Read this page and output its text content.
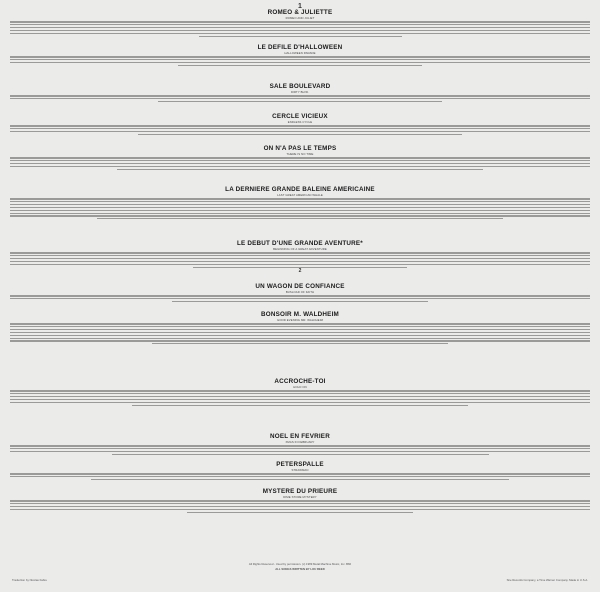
1
ROMEO & JULIETTE
ROMEO AND JULIET
LE DEFILE D'HALLOWEEN
HALLOWEEN PARADE
SALE BOULEVARD
DIRTY BLVD.
CERCLE VICIEUX
ENDLESS CYCLE
ON N'A PAS LE TEMPS
THERE IS NO TIME
LA DERNIERE GRANDE BALEINE AMERICAINE
LAST GREAT AMERICAN WHALE
LE DEBUT D'UNE GRANDE AVENTURE*
BEGINNING OF A GREAT ADVENTURE
UN WAGON DE CONFIANCE
BUSLOAD OF FAITH
BONSOIR M. WALDHEIM
GOOD EVENING MR. WALDHEIM
ACCROCHE-TOI
HOLD ON
NOEL EN FEVRIER
XMAS IN FEBRUARY
PETERSPALLE
STRAWMAN
MYSTERE DU PRIEURE
DIME STORE MYSTERY
2
All Rights Reserved - Used by permission. (c) 1989 Metal Machine Music, Inc. BMI
ALL SONGS WRITTEN BY LOU REED
Traduction by Nicolas Fabre	Sire Records Company, a Time Warner Company. Made in U.S.A.
